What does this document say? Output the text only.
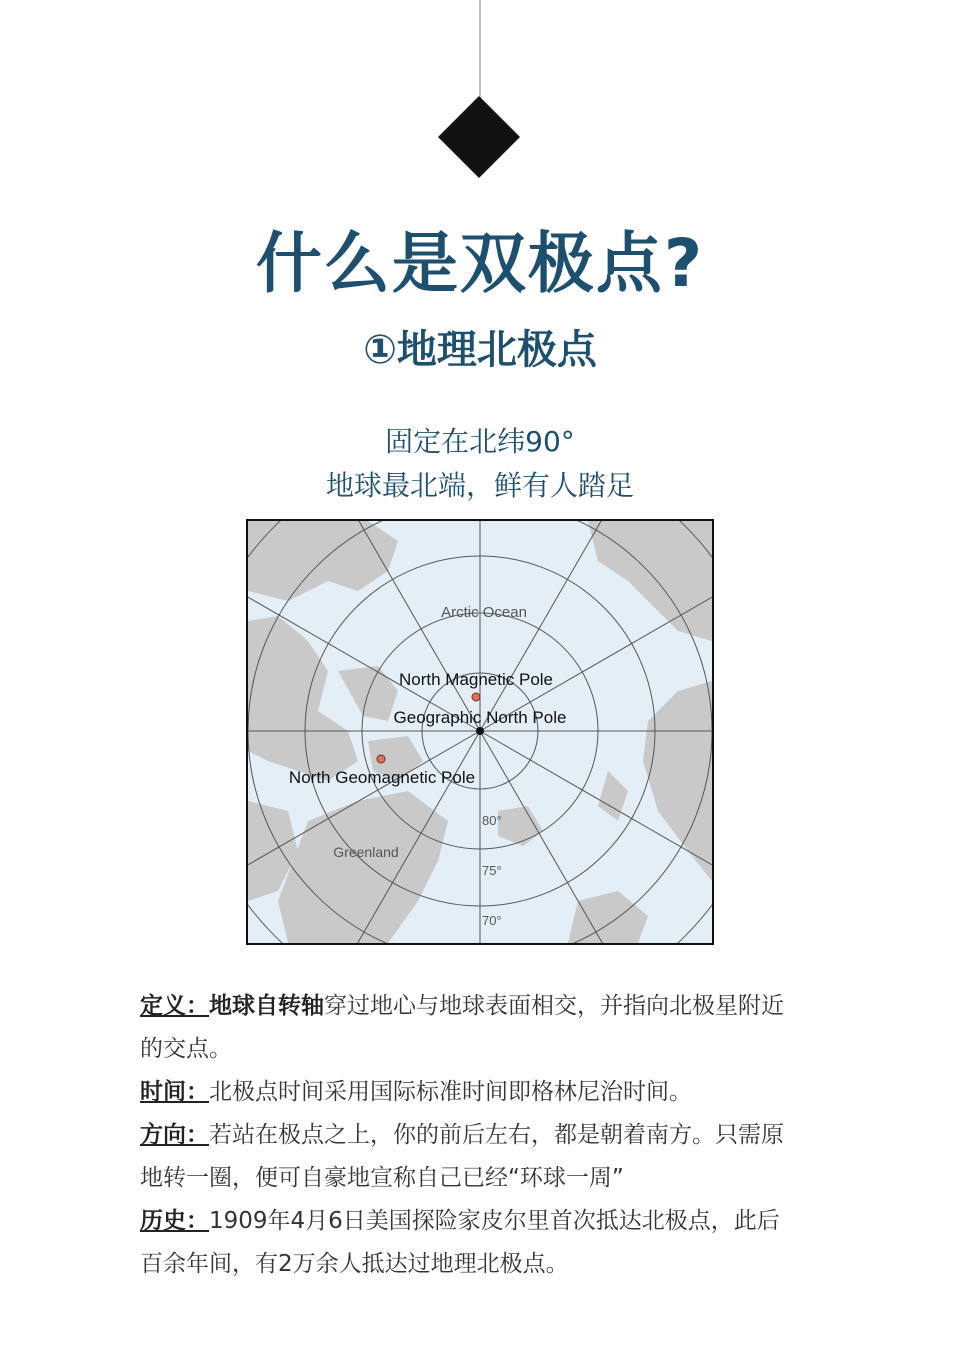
什么是双极点?
①地理北极点
固定在北纬90°
地球最北端，鲜有人踏足
Arctic Ocean
North Magnetic Pole
Geographic North Pole
North Geomagnetic Pole
Greenland
80°
75°
70°

定义：地球自转轴穿过地心与地球表面相交，并指向北极星附近
的交点。

时间：北极点时间采用国际标准时间即格林尼治时间。

方向：若站在极点之上，你的前后左右，都是朝着南方。只需原
地转一圈，便可自豪地宣称自己已经“环球一周”

历史：1909年4月6日美国探险家皮尔里首次抵达北极点，此后
百余年间，有2万余人抵达过地理北极点。
